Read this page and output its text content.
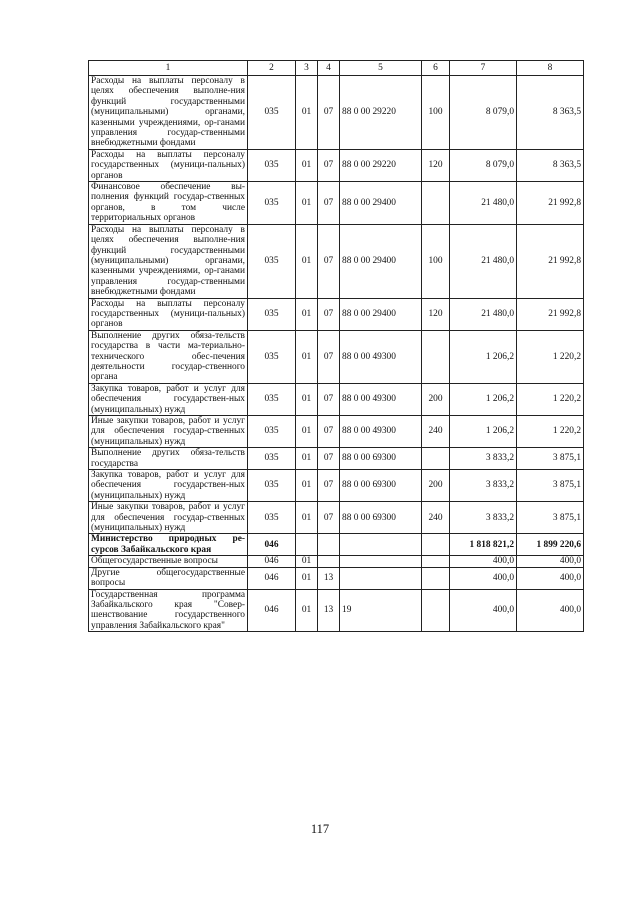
1	2	3	4	5	6	7	8
Расходы на выплаты персоналу в целях обеспечения выполне-ния функций государственными (муниципальными) органами, казенными учреждениями, ор-ганами управления государ-ственными внебюджетными фондами	035	01	07	88 0 00 29220	100	8 079,0	8 363,5
Расходы на выплаты персоналу государственных (муници-пальных) органов	035	01	07	88 0 00 29220	120	8 079,0	8 363,5
Финансовое обеспечение вы-полнения функций государ-ственных органов, в том числе территориальных органов	035	01	07	88 0 00 29400		21 480,0	21 992,8
Расходы на выплаты персоналу в целях обеспечения выполне-ния функций государственными (муниципальными) органами, казенными учреждениями, ор-ганами управления государ-ственными внебюджетными фондами	035	01	07	88 0 00 29400	100	21 480,0	21 992,8
Расходы на выплаты персоналу государственных (муници-пальных) органов	035	01	07	88 0 00 29400	120	21 480,0	21 992,8
Выполнение других обяза-тельств государства в части ма-териально-технического обес-печения деятельности государ-ственного органа	035	01	07	88 0 00 49300		1 206,2	1 220,2
Закупка товаров, работ и услуг для обеспечения государствен-ных (муниципальных) нужд	035	01	07	88 0 00 49300	200	1 206,2	1 220,2
Иные закупки товаров, работ и услуг для обеспечения государ-ственных (муниципальных) нужд	035	01	07	88 0 00 49300	240	1 206,2	1 220,2
Выполнение других обяза-тельств государства	035	01	07	88 0 00 69300		3 833,2	3 875,1
Закупка товаров, работ и услуг для обеспечения государствен-ных (муниципальных) нужд	035	01	07	88 0 00 69300	200	3 833,2	3 875,1
Иные закупки товаров, работ и услуг для обеспечения государ-ственных (муниципальных) нужд	035	01	07	88 0 00 69300	240	3 833,2	3 875,1
Министерство природных ре-сурсов Забайкальского края	046					1 818 821,2	1 899 220,6
Общегосударственные вопросы	046	01				400,0	400,0
Другие общегосударственные вопросы	046	01	13			400,0	400,0
Государственная программа Забайкальского края "Совер-шенствование государственного управления Забайкальского края"	046	01	13	19		400,0	400,0
117
